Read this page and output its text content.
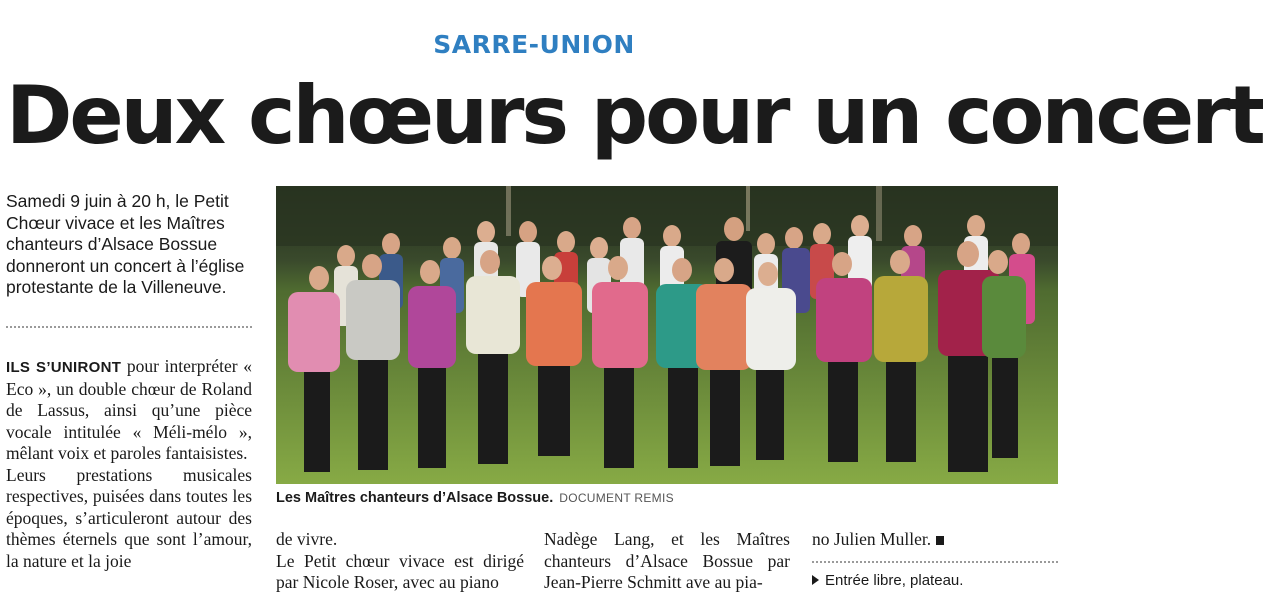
SARRE-UNION
Deux chœurs pour un concert
Samedi 9 juin à 20 h, le Petit Chœur vivace et les Maîtres chanteurs d’Alsace Bossue donneront un concert à l’église protestante de la Villeneuve.
ILS S’UNIRONT pour interpréter « Eco », un double chœur de Roland de Lassus, ainsi qu’une pièce vocale intitulée « Méli-mélo », mêlant voix et paroles fantaisistes.
Leurs prestations musicales respectives, puisées dans toutes les époques, s’articuleront autour des thèmes éternels que sont l’amour, la nature et la joie
de vivre.
Le Petit chœur vivace est dirigé par Nicole Roser, avec au piano
Nadège Lang, et les Maîtres chanteurs d’Alsace Bossue par Jean-Pierre Schmitt ave au pia-
no Julien Muller.
Entrée libre, plateau.
Les Maîtres chanteurs d’Alsace Bossue. DOCUMENT REMIS
